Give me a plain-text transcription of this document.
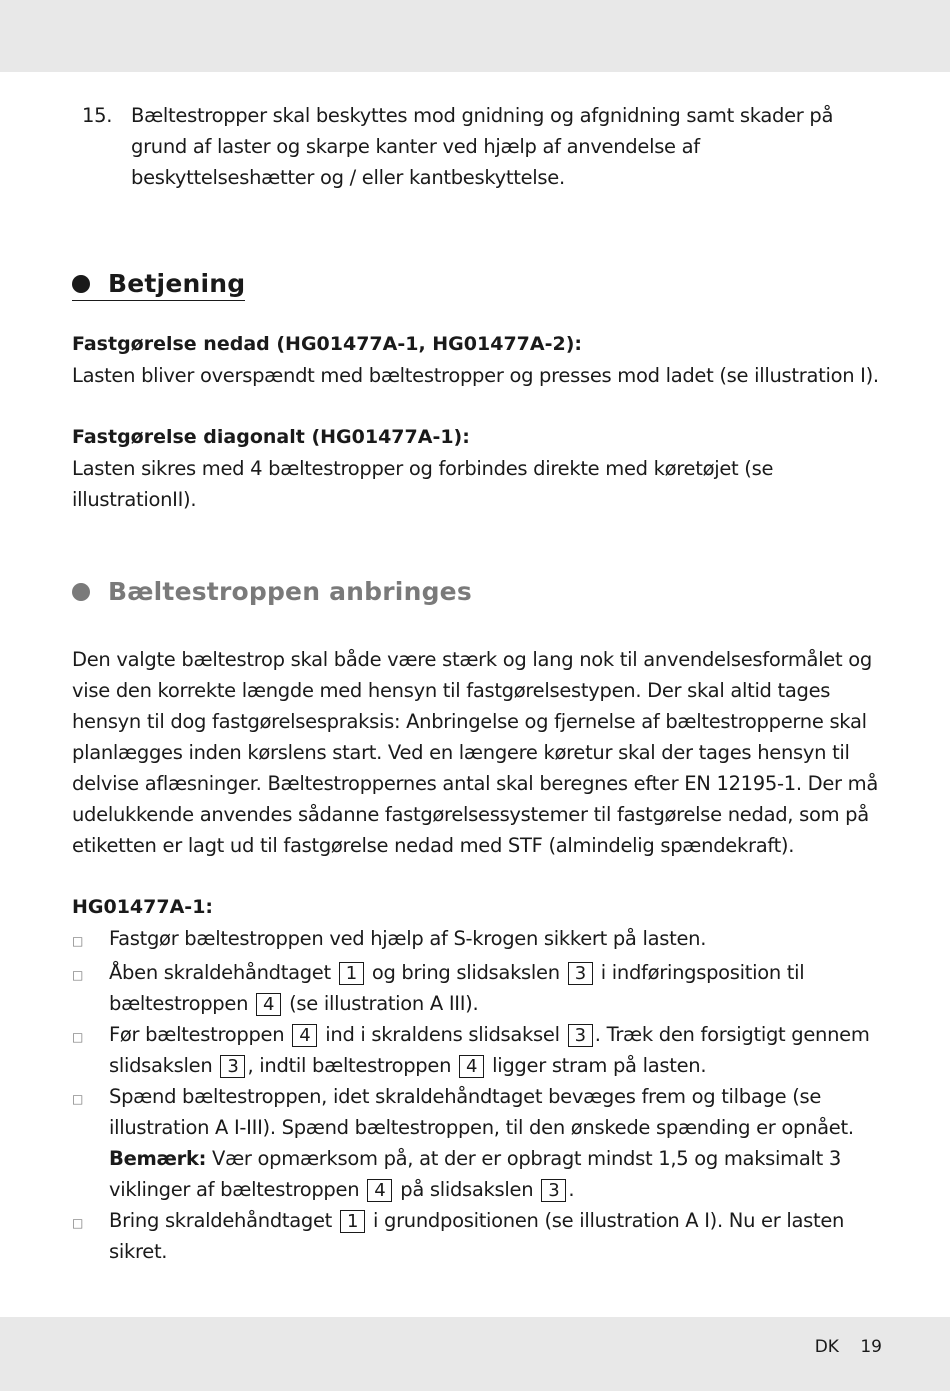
15. Bæltestropper skal beskyttes mod gnidning og afgnidning samt skader på grund af laster og skarpe kanter ved hjælp af anvendelse af beskyttelseshætter og / eller kantbeskyttelse.
Betjening
Fastgørelse nedad (HG01477A-1, HG01477A-2):
Lasten bliver overspændt med bæltestropper og presses mod ladet (se illustration I).
Fastgørelse diagonalt (HG01477A-1):
Lasten sikres med 4 bæltestropper og forbindes direkte med køretøjet (se illustrationII).
Bæltestroppen anbringes
Den valgte bæltestrop skal både være stærk og lang nok til anvendelsesformålet og vise den korrekte længde med hensyn til fastgørelsestypen. Der skal altid tages hensyn til dog fastgørelsespraksis: Anbringelse og fjernelse af bæltestropperne skal planlægges inden kørslens start. Ved en længere køretur skal der tages hensyn til delvise aflæsninger. Bæltestroppernes antal skal beregnes efter EN 12195-1. Der må udelukkende anvendes sådanne fastgørelsessystemer til fastgørelse nedad, som på etiketten er lagt ud til fastgørelse nedad med STF (almindelig spændekraft).
HG01477A-1:
□	Fastgør bæltestroppen ved hjælp af S-krogen sikkert på lasten.
□	Åben skraldehåndtaget 1 og bring slidsakslen 3 i indføringsposition til bæltestroppen 4 (se illustration A III).
□	Før bæltestroppen 4 ind i skraldens slidsaksel 3 . Træk den forsigtigt gennem slidsakslen 3 , indtil bæltestroppen 4 ligger stram på lasten.
□	Spænd bæltestroppen, idet skraldehåndtaget bevæges frem og tilbage (se illustration A I-III). Spænd bæltestroppen, til den ønskede spænding er opnået.
Bemærk: Vær opmærksom på, at der er opbragt mindst 1,5 og maksimalt 3 viklinger af bæltestroppen 4 på slidsakslen 3 .
□	Bring skraldehåndtaget 1 i grundpositionen (se illustration A I). Nu er lasten sikret.
DK 19
